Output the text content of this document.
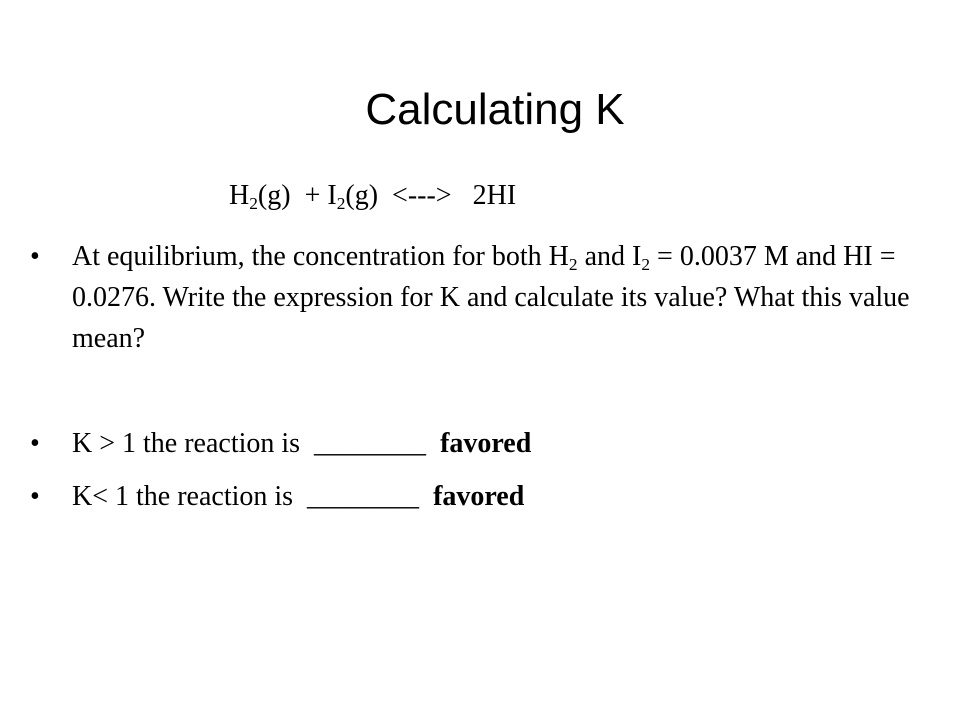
Calculating K
$H_2(g) + I_2(g)$  <---> 2HI
• At equilibrium, the concentration for both $H_2$ and $I_2 = 0.0037$ M and HI = 0.0276. Write the expression for K and calculate its value? What this value mean?
• K > 1 the reaction is  ________  favored
• K< 1 the reaction is  ________  favored
